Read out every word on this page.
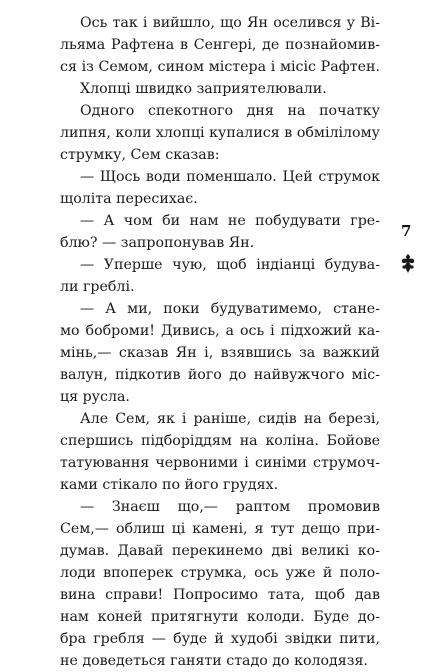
Ось так і вийшло, що Ян оселився у Ві-
льяма Рафтена в Сенгері, де познайомив-
ся із Семом, сином містера і місіс Рафтен.
Хлопці швидко заприятелювали.
Одного спекотного дня на початку
липня, коли хлопці купалися в обмілілому
струмку, Сем сказав:
— Щось води поменшало. Цей струмок
щоліта пересихає.
— А чом би нам не побудувати гре-
блю? — запропонував Ян.
— Уперше чую, щоб індіанці будува-
ли греблі.
— А ми, поки будуватимемо, стане-
мо боброми! Дивись, а ось і підхожий ка-
мінь,— сказав Ян і, взявшись за важкий
валун, підкотив його до найвужчого міс-
ця русла.
Але Сем, як і раніше, сидів на березі,
спершись підборіддям на коліна. Бойове
татуювання червоними і синіми струмоч-
ками стікало по його грудях.
— Знаєш що,— раптом промовив
Сем,— облиш ці камені, я тут дещо при-
думав. Давай перекинемо дві великі ко-
лоди впоперек струмка, ось уже й поло-
вина справи! Попросимо тата, щоб дав
нам коней притягнути колоди. Буде до-
бра гребля — буде й худобі звідки пити,
не доведеться ганяти стадо до колодязя.
7
